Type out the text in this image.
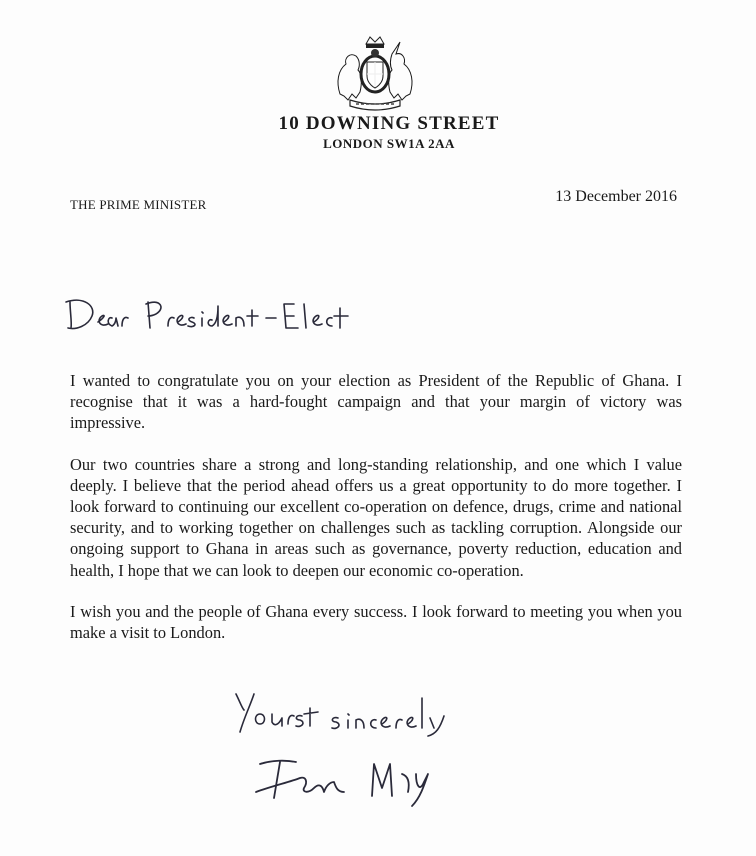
10 DOWNING STREET
LONDON SW1A 2AA
THE PRIME MINISTER	13 December 2016

I wanted to congratulate you on your election as President of the Republic of Ghana. I recognise that it was a hard-fought campaign and that your margin of victory was impressive.

Our two countries share a strong and long-standing relationship, and one which I value deeply. I believe that the period ahead offers us a great opportunity to do more together. I look forward to continuing our excellent co-operation on defence, drugs, crime and national security, and to working together on challenges such as tackling corruption. Alongside our ongoing support to Ghana in areas such as governance, poverty reduction, education and health, I hope that we can look to deepen our economic co-operation.

I wish you and the people of Ghana every success. I look forward to meeting you when you make a visit to London.
